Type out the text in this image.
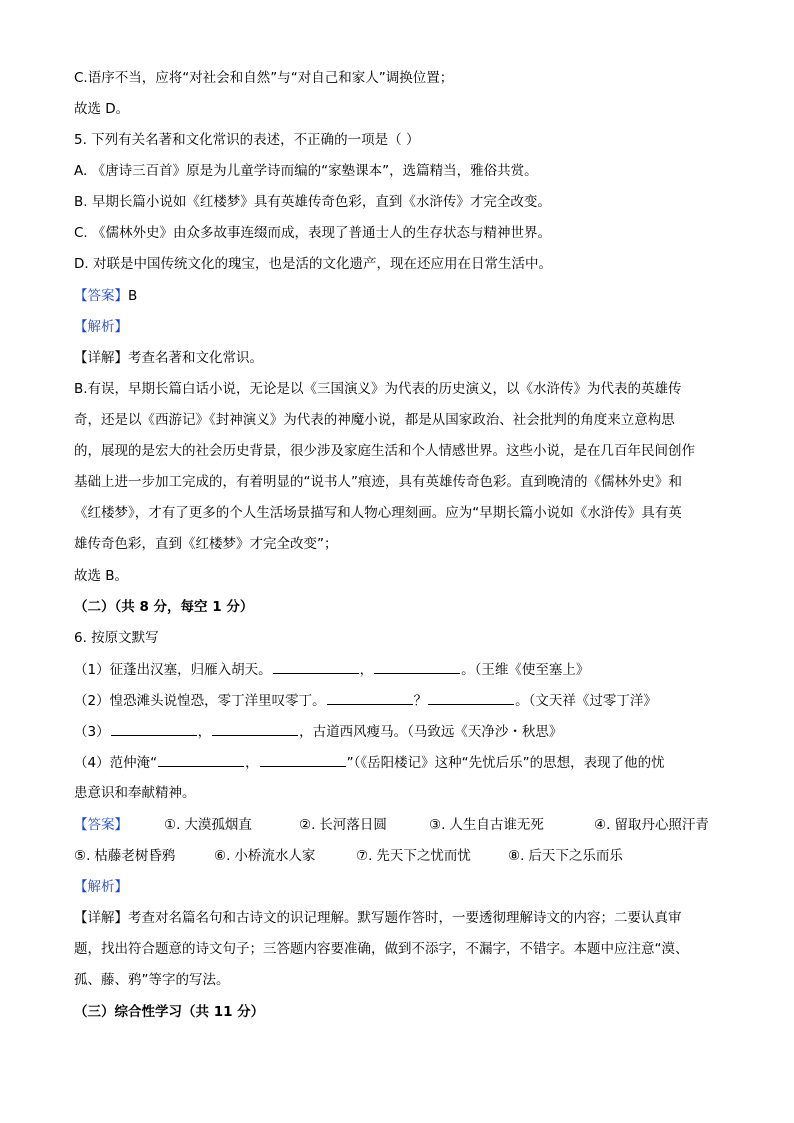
C.语序不当，应将“对社会和自然”与“对自己和家人”调换位置；
故选 D。
5. 下列有关名著和文化常识的表述，不正确的一项是（ ）
A. 《唐诗三百首》原是为儿童学诗而编的“家塾课本”，选篇精当，雅俗共赏。
B. 早期长篇小说如《红楼梦》具有英雄传奇色彩，直到《水浒传》才完全改变。
C. 《儒林外史》由众多故事连缀而成，表现了普通士人的生存状态与精神世界。
D. 对联是中国传统文化的瑰宝，也是活的文化遗产，现在还应用在日常生活中。
【答案】B
【解析】
【详解】考查名著和文化常识。
B.有误，早期长篇白话小说，无论是以《三国演义》为代表的历史演义，以《水浒传》为代表的英雄传
奇，还是以《西游记》《封神演义》为代表的神魔小说，都是从国家政治、社会批判的角度来立意构思
的，展现的是宏大的社会历史背景，很少涉及家庭生活和个人情感世界。这些小说，是在几百年民间创作
基础上进一步加工完成的，有着明显的“说书人”痕迹，具有英雄传奇色彩。直到晚清的《儒林外史》和
《红楼梦》，才有了更多的个人生活场景描写和人物心理刻画。应为“早期长篇小说如《水浒传》具有英
雄传奇色彩，直到《红楼梦》才完全改变”；
故选 B。
（二）（共 8 分，每空 1 分）
6. 按原文默写
（1）征蓬出汉塞，归雁入胡天。	，	。（王维《使至塞上》
（2）惶恐滩头说惶恐，零丁洋里叹零丁。	？	。（文天祥《过零丁洋》
（3）	，	，古道西风瘦马。（马致远《天净沙・秋思》
（4）范仲淹“	，	”（《岳阳楼记》这种“先忧后乐”的思想，表现了他的忧
患意识和奉献精神。
【答案】	①. 大漠孤烟直	②. 长河落日圆	③. 人生自古谁无死	④. 留取丹心照汗青
⑤. 枯藤老树昏鸦	⑥. 小桥流水人家	⑦. 先天下之忧而忧	⑧. 后天下之乐而乐
【解析】
【详解】考查对名篇名句和古诗文的识记理解。默写题作答时，一要透彻理解诗文的内容；二要认真审
题，找出符合题意的诗文句子；三答题内容要准确，做到不添字，不漏字，不错字。本题中应注意“漠、
孤、藤、鸦”等字的写法。
（三）综合性学习（共 11 分）
